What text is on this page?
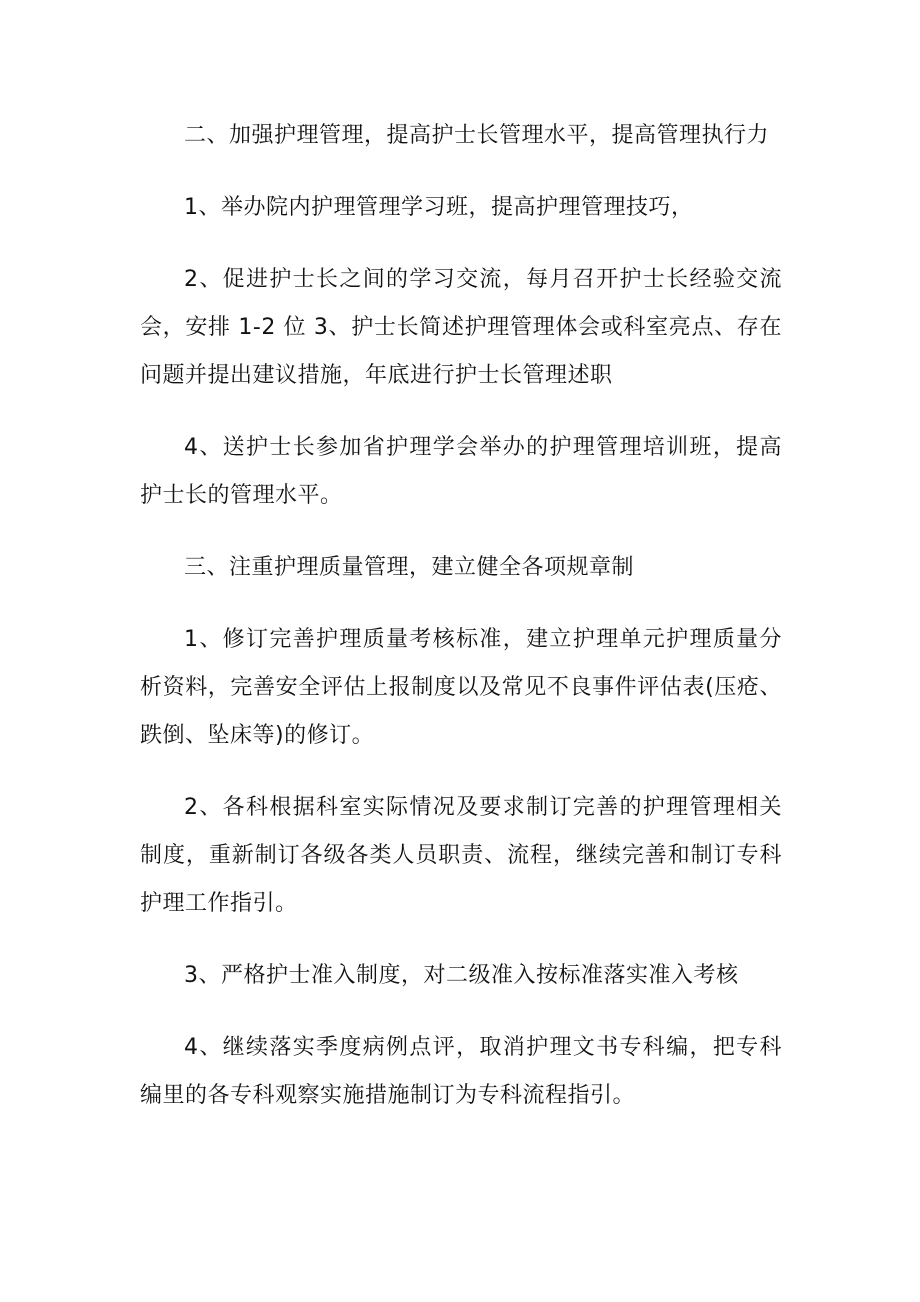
二、加强护理管理，提高护士长管理水平，提高管理执行力

1、举办院内护理管理学习班，提高护理管理技巧，

2、促进护士长之间的学习交流，每月召开护士长经验交流会，安排 1-2 位 3、护士长简述护理管理体会或科室亮点、存在问题并提出建议措施，年底进行护士长管理述职

4、送护士长参加省护理学会举办的护理管理培训班，提高护士长的管理水平。

三、注重护理质量管理，建立健全各项规章制

1、修订完善护理质量考核标准，建立护理单元护理质量分析资料，完善安全评估上报制度以及常见不良事件评估表(压疮、跌倒、坠床等)的修订。

2、各科根据科室实际情况及要求制订完善的护理管理相关制度，重新制订各级各类人员职责、流程，继续完善和制订专科护理工作指引。

3、严格护士准入制度，对二级准入按标准落实准入考核

4、继续落实季度病例点评，取消护理文书专科编，把专科编里的各专科观察实施措施制订为专科流程指引。
